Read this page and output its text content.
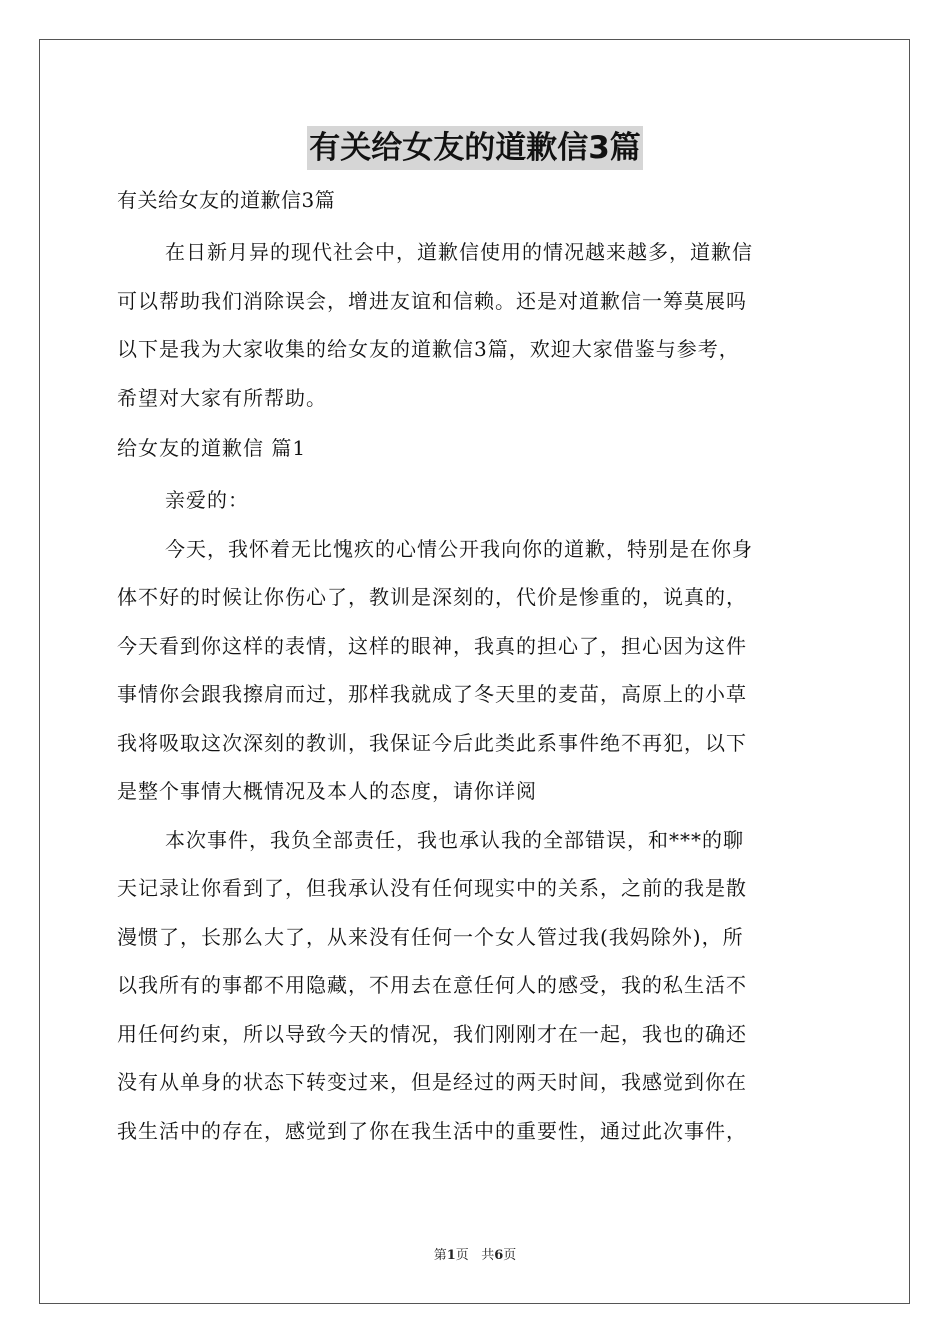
有关给女友的道歉信3篇
有关给女友的道歉信3篇
在日新月异的现代社会中，道歉信使用的情况越来越多，道歉信
可以帮助我们消除误会，增进友谊和信赖。还是对道歉信一筹莫展吗
以下是我为大家收集的给女友的道歉信3篇，欢迎大家借鉴与参考，
希望对大家有所帮助。
给女友的道歉信 篇1
亲爱的：
今天，我怀着无比愧疚的心情公开我向你的道歉，特别是在你身
体不好的时候让你伤心了，教训是深刻的，代价是惨重的，说真的，
今天看到你这样的表情，这样的眼神，我真的担心了，担心因为这件
事情你会跟我擦肩而过，那样我就成了冬天里的麦苗，高原上的小草
我将吸取这次深刻的教训，我保证今后此类此系事件绝不再犯，以下
是整个事情大概情况及本人的态度，请你详阅
本次事件，我负全部责任，我也承认我的全部错误，和***的聊
天记录让你看到了，但我承认没有任何现实中的关系，之前的我是散
漫惯了，长那么大了，从来没有任何一个女人管过我(我妈除外)，所
以我所有的事都不用隐藏，不用去在意任何人的感受，我的私生活不
用任何约束，所以导致今天的情况，我们刚刚才在一起，我也的确还
没有从单身的状态下转变过来，但是经过的两天时间，我感觉到你在
我生活中的存在，感觉到了你在我生活中的重要性，通过此次事件，
第1页 共6页
